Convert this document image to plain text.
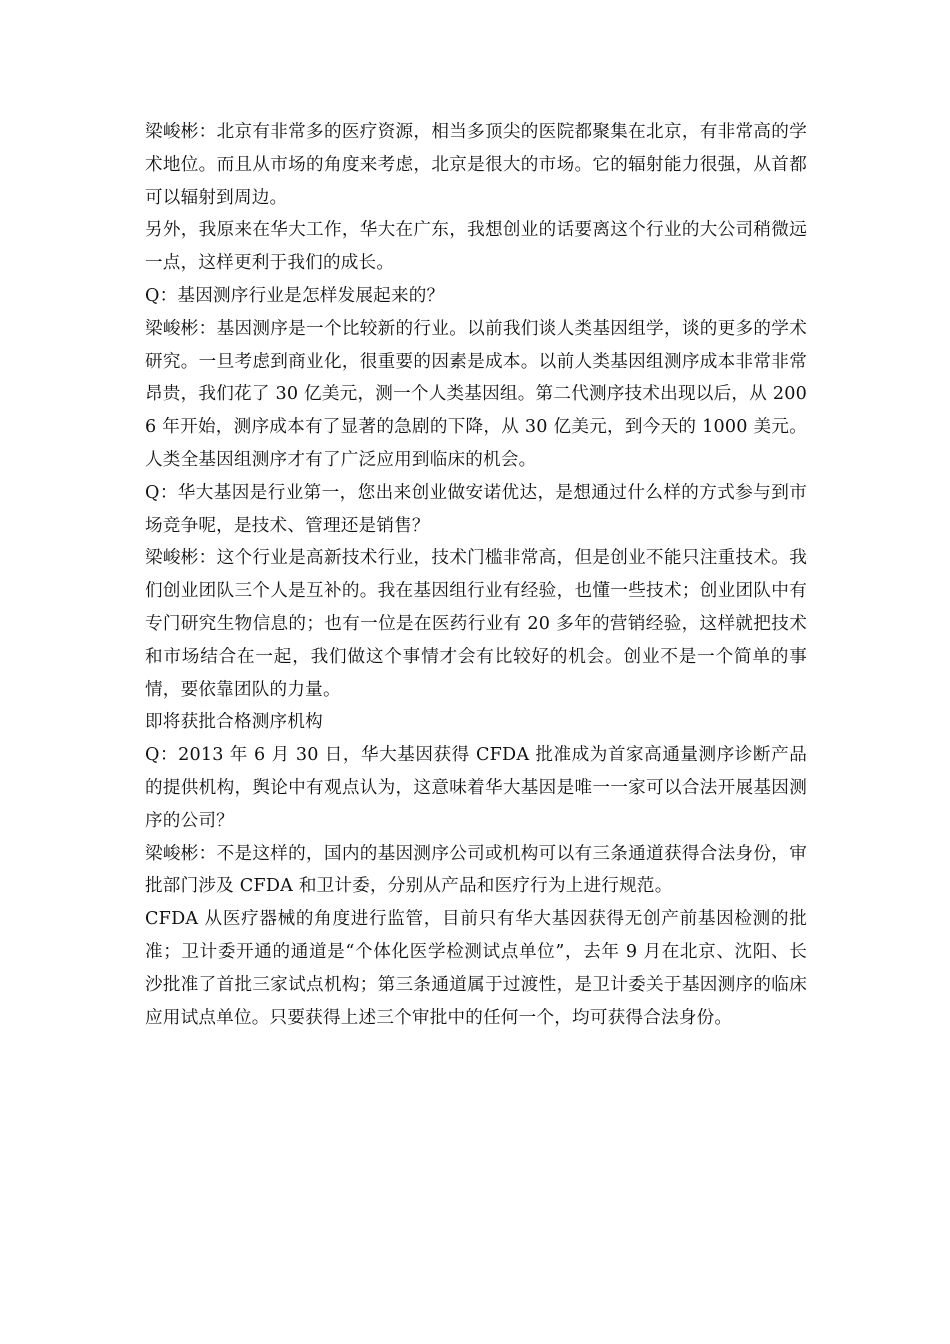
梁峻彬：北京有非常多的医疗资源，相当多顶尖的医院都聚集在北京，有非常高的学术地位。而且从市场的角度来考虑，北京是很大的市场。它的辐射能力很强，从首都可以辐射到周边。

另外，我原来在华大工作，华大在广东，我想创业的话要离这个行业的大公司稍微远一点，这样更利于我们的成长。

Q：基因测序行业是怎样发展起来的？

梁峻彬：基因测序是一个比较新的行业。以前我们谈人类基因组学，谈的更多的学术研究。一旦考虑到商业化，很重要的因素是成本。以前人类基因组测序成本非常非常昂贵，我们花了 30 亿美元，测一个人类基因组。第二代测序技术出现以后，从 2006 年开始，测序成本有了显著的急剧的下降，从 30 亿美元，到今天的 1000 美元。人类全基因组测序才有了广泛应用到临床的机会。

Q：华大基因是行业第一，您出来创业做安诺优达，是想通过什么样的方式参与到市场竞争呢，是技术、管理还是销售？

梁峻彬：这个行业是高新技术行业，技术门槛非常高，但是创业不能只注重技术。我们创业团队三个人是互补的。我在基因组行业有经验，也懂一些技术；创业团队中有专门研究生物信息的；也有一位是在医药行业有 20 多年的营销经验，这样就把技术和市场结合在一起，我们做这个事情才会有比较好的机会。创业不是一个简单的事情，要依靠团队的力量。

即将获批合格测序机构

Q：2013 年 6 月 30 日，华大基因获得 CFDA 批准成为首家高通量测序诊断产品的提供机构，舆论中有观点认为，这意味着华大基因是唯一一家可以合法开展基因测序的公司？

梁峻彬：不是这样的，国内的基因测序公司或机构可以有三条通道获得合法身份，审批部门涉及 CFDA 和卫计委，分别从产品和医疗行为上进行规范。

CFDA 从医疗器械的角度进行监管，目前只有华大基因获得无创产前基因检测的批准；卫计委开通的通道是“个体化医学检测试点单位”，去年 9 月在北京、沈阳、长沙批准了首批三家试点机构；第三条通道属于过渡性，是卫计委关于基因测序的临床应用试点单位。只要获得上述三个审批中的任何一个，均可获得合法身份。
